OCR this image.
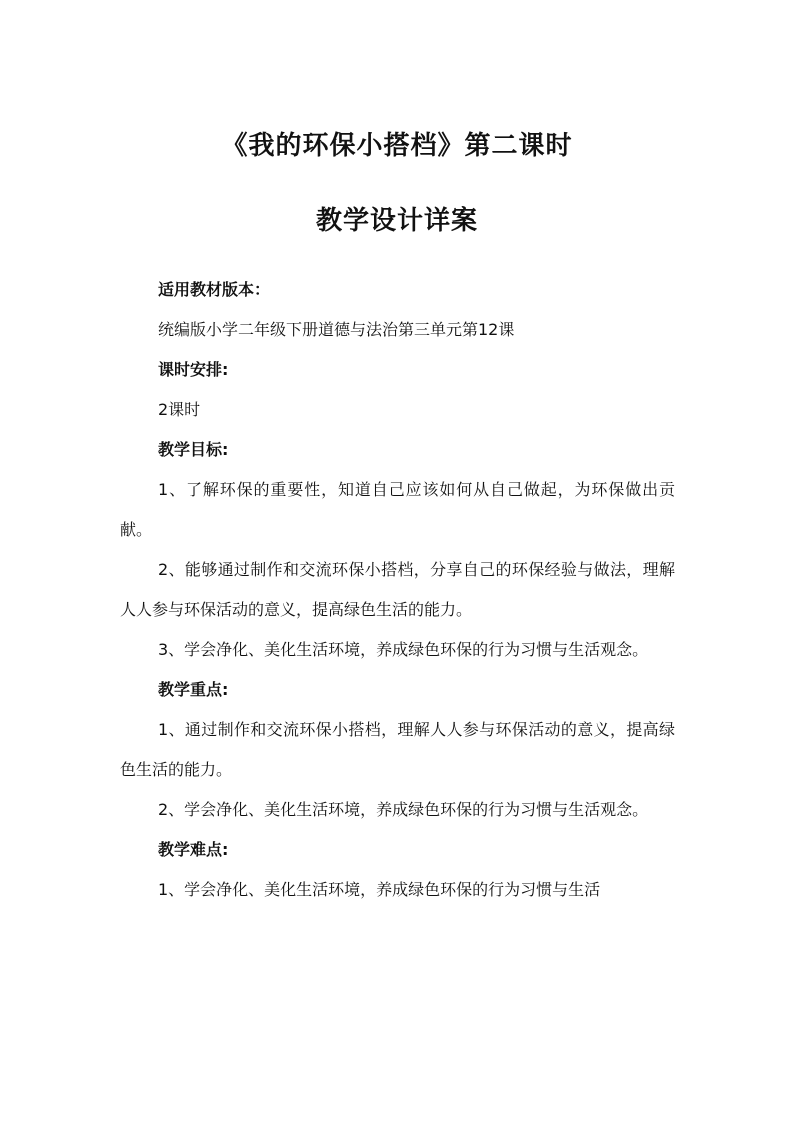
《我的环保小搭档》第二课时
教学设计详案

适用教材版本：

统编版小学二年级下册道德与法治第三单元第12课

课时安排:

2课时

教学目标:

1、了解环保的重要性，知道自己应该如何从自己做起，为环保做出贡献。

2、能够通过制作和交流环保小搭档，分享自己的环保经验与做法，理解人人参与环保活动的意义，提高绿色生活的能力。

3、学会净化、美化生活环境，养成绿色环保的行为习惯与生活观念。

教学重点:

1、通过制作和交流环保小搭档，理解人人参与环保活动的意义，提高绿色生活的能力。

2、学会净化、美化生活环境，养成绿色环保的行为习惯与生活观念。

教学难点:

1、学会净化、美化生活环境，养成绿色环保的行为习惯与生活
